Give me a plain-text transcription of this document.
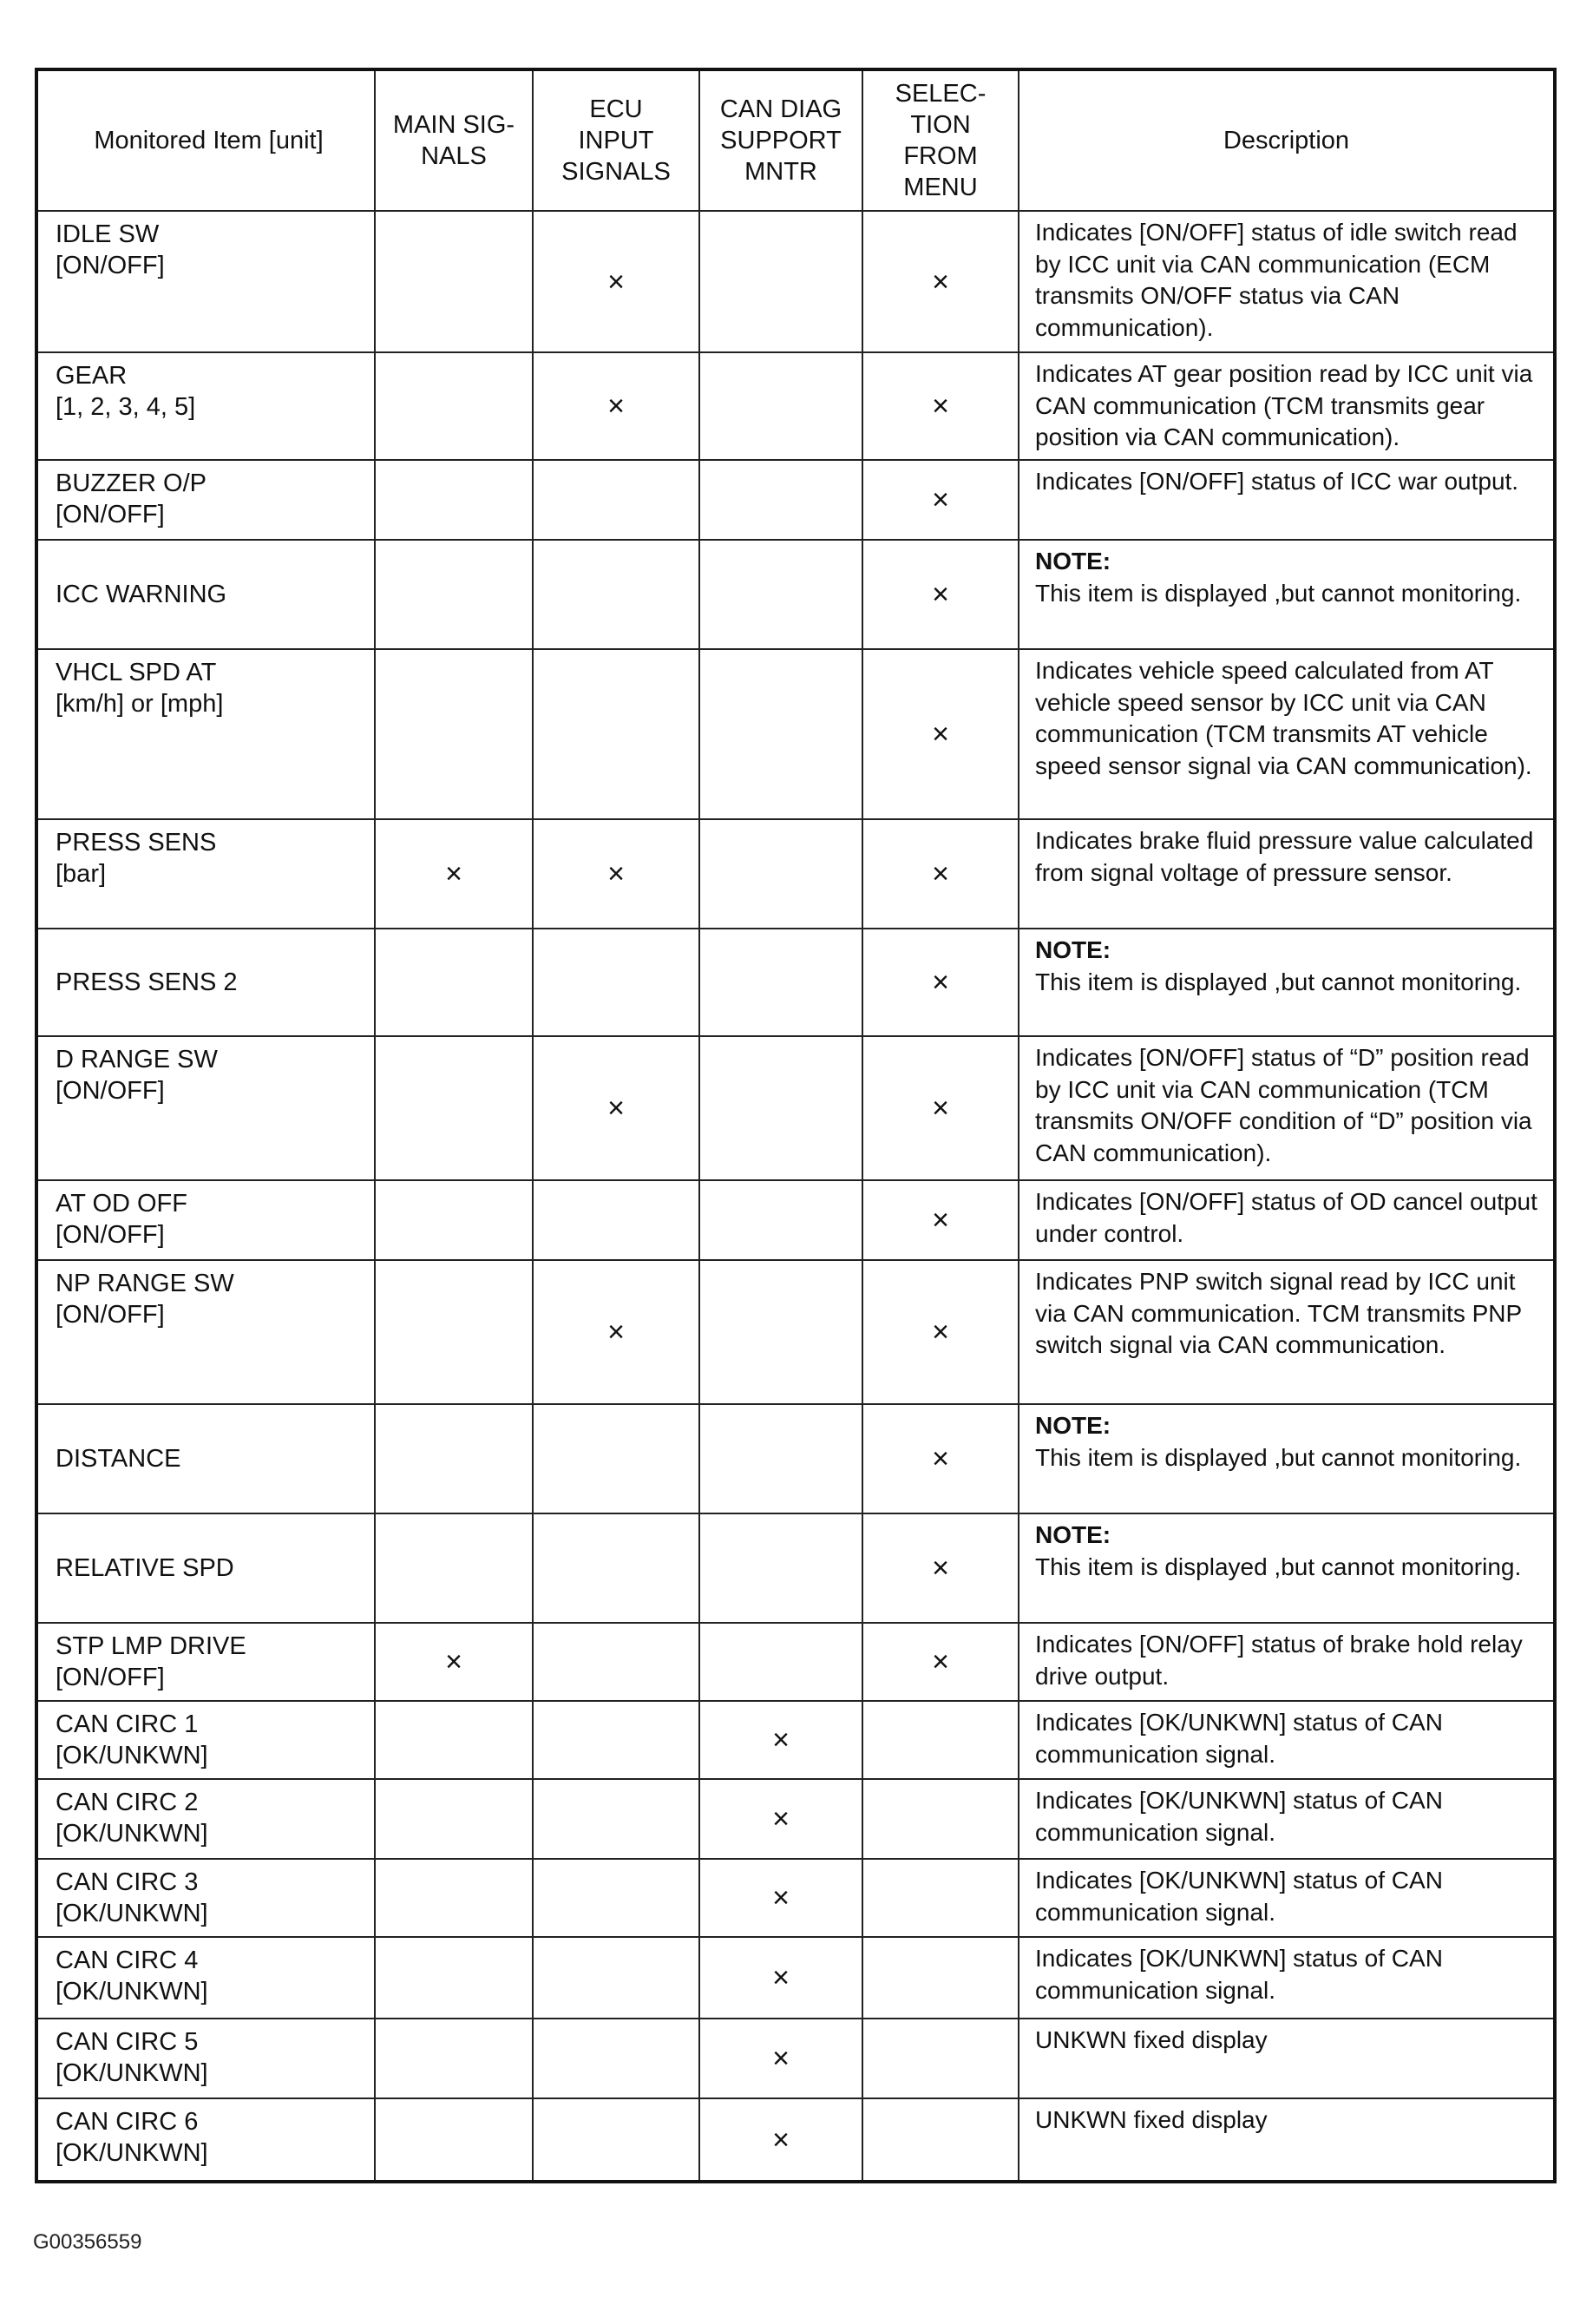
Monitored Item [unit]	MAIN SIG-
NALS	ECU
INPUT
SIGNALS	CAN DIAG
SUPPORT
MNTR	SELEC-
TION
FROM
MENU	Description
IDLE SW
[ON/OFF]		×		×	Indicates [ON/OFF] status of idle switch read by ICC unit via CAN communication (ECM transmits ON/OFF status via CAN communication).

GEAR
[1, 2, 3, 4, 5]		×		×	Indicates AT gear position read by ICC unit via CAN communication (TCM transmits gear position via CAN communication).

BUZZER O/P
[ON/OFF]				×	Indicates [ON/OFF] status of ICC war output.

ICC WARNING				×	NOTE:
This item is displayed ,but cannot monitoring.

VHCL SPD AT
[km/h] or [mph]				×	Indicates vehicle speed calculated from AT vehicle speed sensor by ICC unit via CAN communication (TCM transmits AT vehicle speed sensor signal via CAN communication).

PRESS SENS
[bar]	×	×		×	Indicates brake fluid pressure value calculated from signal voltage of pressure sensor.

PRESS SENS 2				×	NOTE:
This item is displayed ,but cannot monitoring.

D RANGE SW
[ON/OFF]		×		×	Indicates [ON/OFF] status of “D” position read by ICC unit via CAN communication (TCM transmits ON/OFF condition of “D” position via CAN communication).

AT OD OFF
[ON/OFF]				×	Indicates [ON/OFF] status of OD cancel output under control.

NP RANGE SW
[ON/OFF]		×		×	Indicates PNP switch signal read by ICC unit via CAN communication. TCM transmits PNP switch signal via CAN communication.

DISTANCE				×	NOTE:
This item is displayed ,but cannot monitoring.

RELATIVE SPD				×	NOTE:
This item is displayed ,but cannot monitoring.

STP LMP DRIVE
[ON/OFF]	×			×	Indicates [ON/OFF] status of brake hold relay drive output.

CAN CIRC 1
[OK/UNKWN]			×		Indicates [OK/UNKWN] status of CAN communication signal.

CAN CIRC 2
[OK/UNKWN]			×		Indicates [OK/UNKWN] status of CAN communication signal.

CAN CIRC 3
[OK/UNKWN]			×		Indicates [OK/UNKWN] status of CAN communication signal.

CAN CIRC 4
[OK/UNKWN]			×		Indicates [OK/UNKWN] status of CAN communication signal.

CAN CIRC 5
[OK/UNKWN]			×		UNKWN fixed display

CAN CIRC 6
[OK/UNKWN]			×		UNKWN fixed display
G00356559
